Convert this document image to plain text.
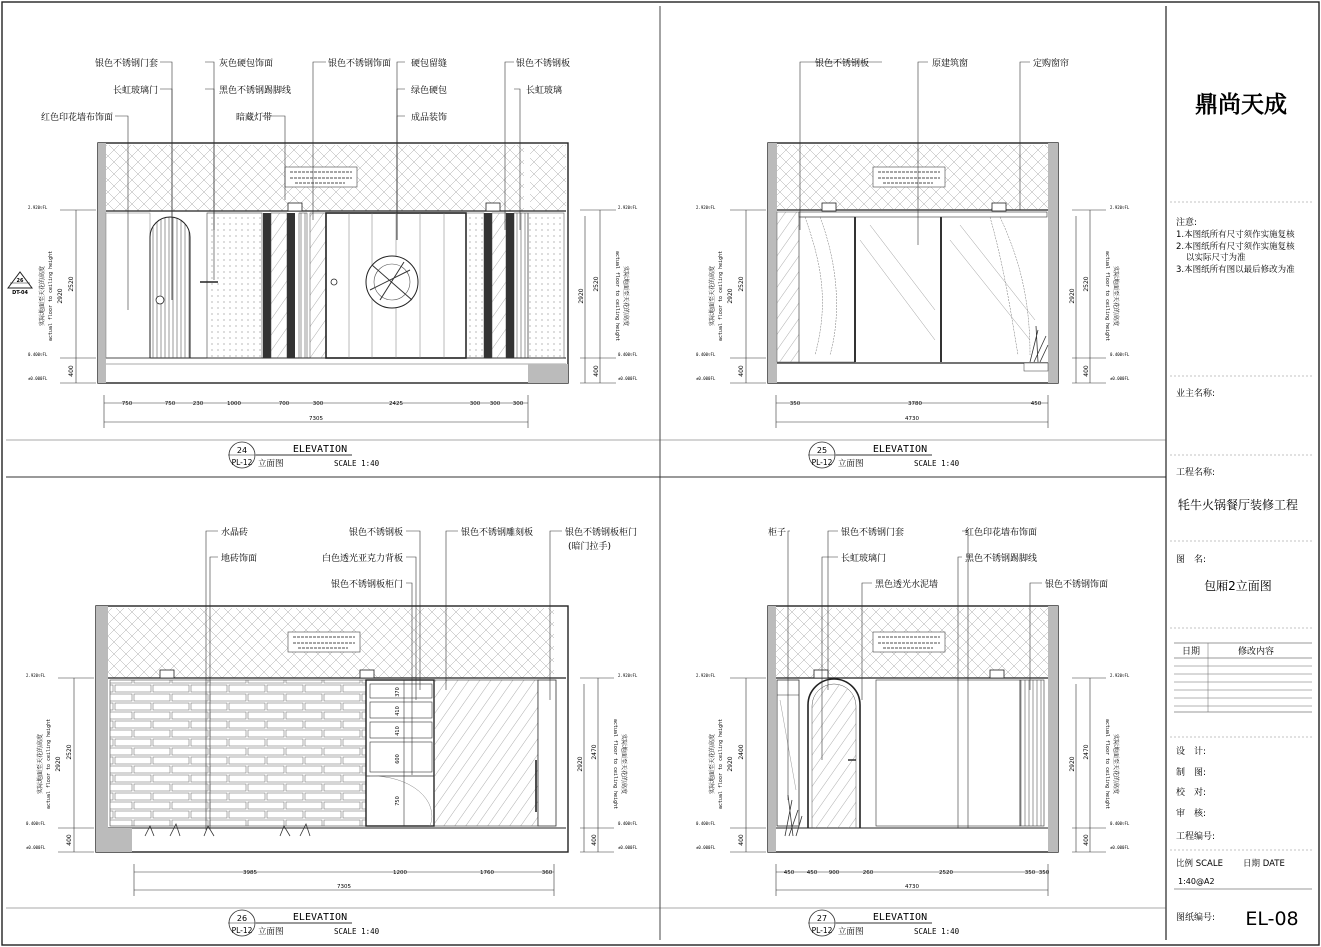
鼎尚天成
注意:
1.本图纸所有尺寸须作实施复核
2.本图纸所有尺寸须作实施复核
以实际尺寸为准
3.本图纸所有图以最后修改为准
业主名称:
工程名称:
牦牛火锅餐厅装修工程
图　名:
包厢2立面图
日期	修改内容
设　计:
制　图:
校　对:
审　核:
工程编号:
比例 SCALE 日期 DATE
1:40@A2
图纸编号: EL-08
银色不锈钢门套
长虹玻璃门
红色印花墙布饰面
灰色硬包饰面
黑色不锈钢踢脚线
暗藏灯带
银色不锈钢饰面 硬包留缝
绿色硬包
成品装饰
银色不锈钢板
长虹玻璃
2.920▽FL
0.400▽FL
±0.000FL
2.920▽FL
0.400▽FL
±0.000FL
2520
2920
400
实际地面至天花的高度 actual floor to ceiling height	2520
2920
400
actual floor to ceiling height 实际地面至天花的高度
26
DT-04
750	750	230	1000	700	300	2425	300 300 300
7305
24
PL-12
ELEVATION
立面图	SCALE 1:40
银色不锈钢板	原建筑窗	定购窗帘
2.920▽FL
0.400▽FL
±0.000FL
2.920▽FL
0.400▽FL
±0.000FL
2520
2920
400
实际地面至天花的高度 actual floor to ceiling height	2520
2920
400
actual floor to ceiling height 实际地面至天花的高度
350	3780	450
4730
25
PL-12
ELEVATION
立面图	SCALE 1:40
水晶砖
地砖饰面
银色不锈钢板
白色透光亚克力背板
银色不锈钢板柜门
银色不锈钢雕刻板	银色不锈钢板柜门
(暗门拉手)
370
410
410
600
750
2.920▽FL
0.400▽FL
±0.000FL
2.920▽FL
0.400▽FL
±0.000FL
2520
2920
400
实际地面至天花的高度 actual floor to ceiling height	2470
2920
400
actual floor to ceiling height 实际地面至天花的高度
3985	1200	1760	360
7305
26
PL-12
ELEVATION
立面图	SCALE 1:40
柜子	银色不锈钢门套
长虹玻璃门
黑色透光水泥墙
红色印花墙布饰面
黑色不锈钢踢脚线
银色不锈钢饰面
2.920▽FL
0.400▽FL
±0.000FL
2.920▽FL
0.400▽FL
±0.000FL
2400
2920
400
实际地面至天花的高度 actual floor to ceiling height	2470
2920
400
actual floor to ceiling height 实际地面至天花的高度
450 450 900	260	2520	350 350
4730
27
PL-12
ELEVATION
立面图	SCALE 1:40
